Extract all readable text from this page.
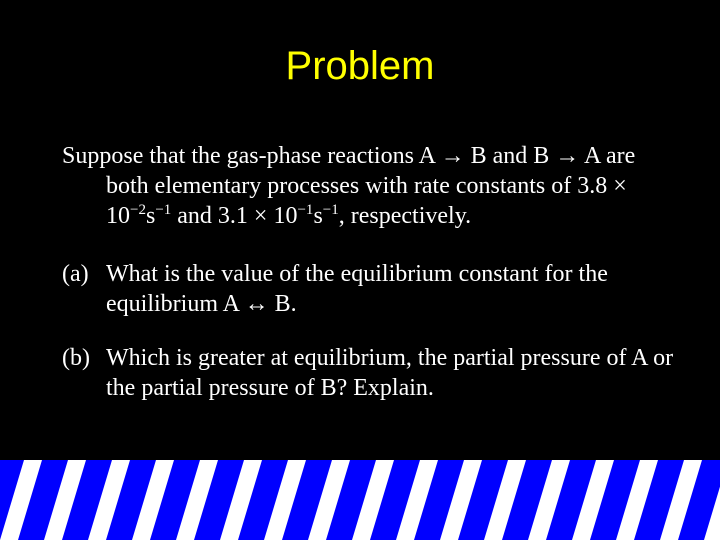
Problem

Suppose that the gas-phase reactions A → B and B → A are both elementary processes with rate constants of $3.8 \times 10^{-2}s^{-1}$ and $3.1 \times 10^{-1}s^{-1}$, respectively.

(a) What is the value of the equilibrium constant for the equilibrium A ↔ B.
(b) Which is greater at equilibrium, the partial pressure of A or the partial pressure of B? Explain.
